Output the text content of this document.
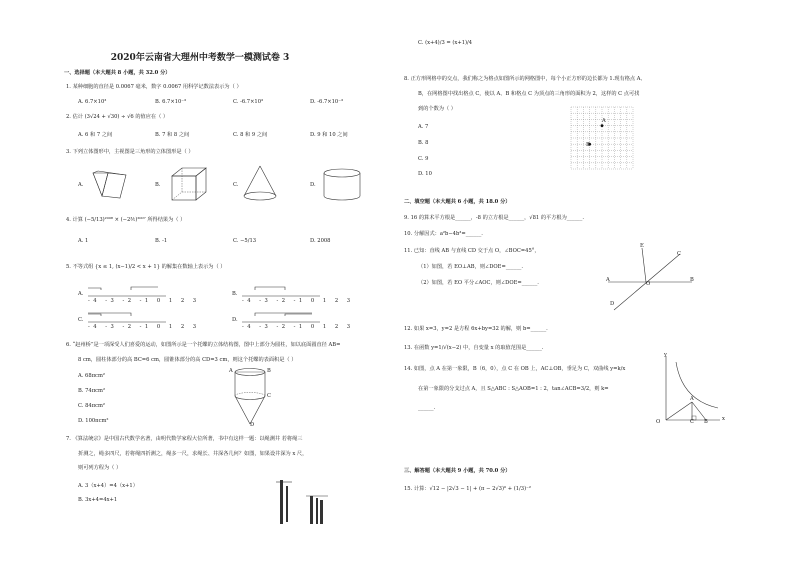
2020年云南省大理州中考数学一模测试卷 3
一、选择题（本大题共 8 小题，共 32.0 分）
1. 某种细胞的直径是 0.0067 毫米，数字 0.0067 用科学记数法表示为（ ）
A. 6.7×10³	B. 6.7×10⁻³	C. -6.7×10³	D. -6.7×10⁻³
2. 估计 (3√24 + √30) ÷ √6 的值应在（ ）
A. 6 和 7 之间	B. 7 和 8 之间	C. 8 和 9 之间	D. 9 和 10 之间
3. 下列立体图形中，主视图是三角形的立体图形是（ ）
A.	B.	C.	D.
4. 计算 (−5/13)²⁰⁰⁸ × (−2⅗)²⁰⁰⁷ 所得结果为（ ）
A. 1	B. -1	C. −5/13	D. 2008
5. 不等式组 {x ≤ 1, (x−1)/2 < x + 1} 的解集在数轴上表示为（ ）
A.	B.
C.	D.
-4 -3 -2 -1 0 1 2 3	-4 -3 -2 -1 0 1 2 3
-4 -3 -2 -1 0 1 2 3	-4 -3 -2 -1 0 1 2 3
6. “赵州桥”是一项深受人们喜爱的运动，如图所示是一个托蝶的立体结构图，图中上部分为圆柱，如以底面圆直径 AB=
8 cm，圆柱体部分的高 BC=6 cm，圆锥体部分的高 CD=3 cm，则这个托蝶的表面积是（ ）
A. 68πcm²
B. 74πcm²
C. 84πcm²
D. 100πcm²
A	B
C
D
7. 《算法统宗》是中国古代数学名著，由明代数学家程大位所著，书中有这样一题：以绳测井 若将绳三
折测之，绳多四尺，若将绳四折测之，绳多一尺，求绳长、井深各几何？如图，如果设井深为 x 尺，
则可列方程为（ ）
A. 3（x+4）=4（x+1）
B. 3x+4=4x+1
C. (x+4)/3 = (x+1)/4
8. 正方形网格中的交点，我们称之为格点如图所示的网格图中，每个小正方形的边长都为 1.现有格点 A、
B，在网格图中找出格点 C，使以 A、B 和格点 C 为顶点的三角形的面积为 2，这样的 C 点可找
到的个数为（ ）
A. 7
B. 8
C. 9
D. 10
A
B
二、填空题（本大题共 6 小题，共 18.0 分）
9. 16 的算术平方根是______，-8 的立方根是______，√81 的平方根为______.
10. 分解因式：a²b−4b³=______.
11. 已知：直线 AB 与直线 CD 交于点 O，∠BOC=45°，
（1）如图，若 EO⊥AB，则∠DOE=______.
（2）如图，若 EO 平分∠AOC，则∠DOE=______.
E
C
A
O
B
D
12. 如果 x=3，y=2 是方程 6x+by=32 的解，则 b=______.
13. 在函数 y=1/√(x−2) 中，自变量 x 的取值范围是______.
14. 如图，点 A 在第一象限，B（6，0），点 C 在 OB 上，AC⊥OB，垂足为 C，双曲线 y=k/x
在第一象限的分支过点 A，且 S△ABC : S△AOB=1 : 2，tan∠ACB=3/2，则 k=
______.
y
A
O	C B	x
三、解答题（本大题共 9 小题，共 70.0 分）
15. 计算：√12 − |2√3 − 1| + (π − 2√3)⁰ + (1/3)⁻²
